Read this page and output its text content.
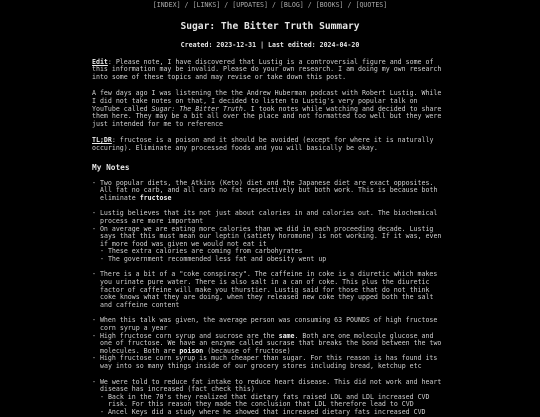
[INDEX] / [LINKS] / [UPDATES] / [BLOG] / [BOOKS] / [QUOTES]
Sugar: The Bitter Truth Summary
Created: 2023-12-31 | Last edited: 2024-04-20

Edit: Please note, I have discovered that Lustig is a controversial figure and some of this information may be invalid. Please do your own research. I am doing my own research into some of these topics and may revise or take down this post.

A few days ago I was listening the the Andrew Huberman podcast with Robert Lustig. While I did not take notes on that, I decided to listen to Lustig's very popular talk on YouTube called Sugar: The Bitter Truth. I took notes while watching and decided to share them here. They may be a bit all over the place and not formatted too well but they were just intended for me to reference

TL;DR: fructose is a poison and it should be avoided (except for where it is naturally occuring). Eliminate any processed foods and you will basically be okay.

My Notes

- Two popular diets, the Atkins (Keto) diet and the Japanese diet are exact opposites. All fat no carb, and all carb no fat respectively but both work. This is because both eliminate fructose

- Lustig believes that its not just about calories in and calories out. The biochemical process are more important

- On average we are eating more calories than we did in each proceeding decade. Lustig says that this must mean our leptin (satiety horomone) is not working. If it was, even if more food was given we would not eat it

- These extra calories are coming from carbohyrates

- The government recommended less fat and obesity went up

- There is a bit of a "coke conspiracy". The caffeine in coke is a diuretic which makes you urinate pure water. There is also salt in a can of coke. This plus the diuretic factor of caffeine will make you thurstier. Lustig said for those that do not think coke knows what they are doing, when they released new coke they upped both the salt and caffeine content

- When this talk was given, the average person was consuming 63 POUNDS of high fructose corn syrup a year

- High fructose corn syrup and sucrose are the same. Both are one molecule glucose and one of fructose. We have an enzyme called sucrase that breaks the bond between the two molecules. Both are poison (because of fructose)

- High fructose corn syrup is much cheaper than sugar. For this reason is has found its way into so many things inside of our grocery stores including bread, ketchup etc

- We were told to reduce fat intake to reduce heart disease. This did not work and heart disease has increased (fact check this)

- Back in the 70's they realized that dietary fats raised LDL and LDL increased CVD risk. For this reason they made the conclusion that LDL therefore lead to CVD

- Ancel Keys did a study where he showed that increased dietary fats increased CVD
